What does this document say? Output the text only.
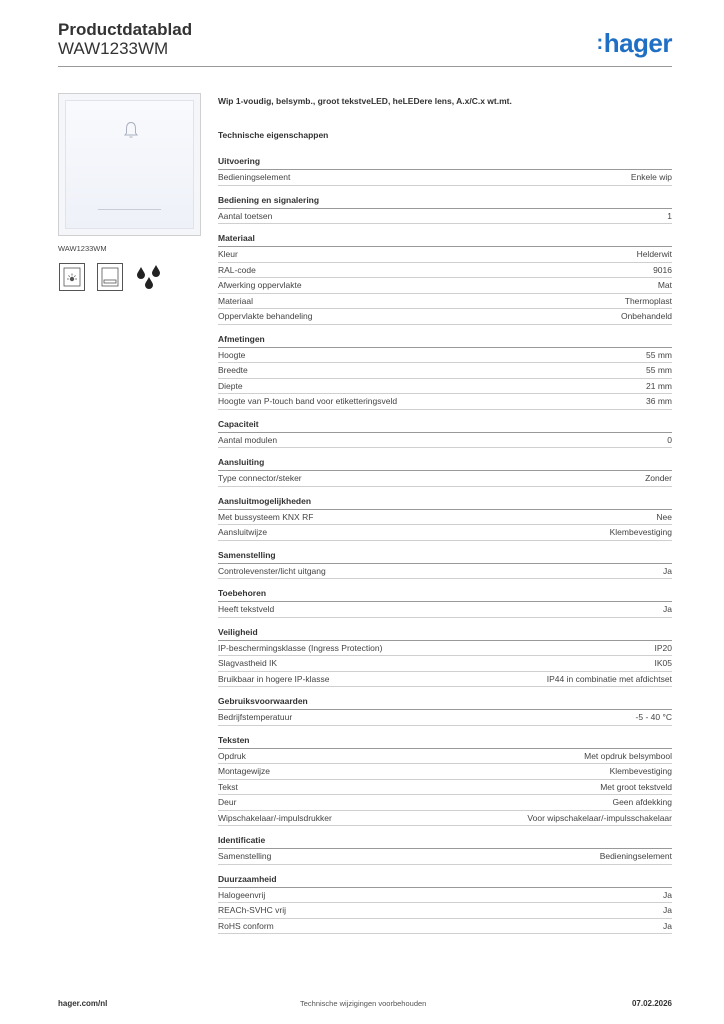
Productdatablad
WAW1233WM	:hager
WAW1233WM
Wip 1-voudig, belsymb., groot tekstveLED, heLEDere lens, A.x/C.x wt.mt.
Technische eigenschappen
Uitvoering
Bedieningselement	Enkele wip
Bediening en signalering
Aantal toetsen	1
Materiaal
Kleur	Helderwit
RAL-code	9016
Afwerking oppervlakte	Mat
Materiaal	Thermoplast
Oppervlakte behandeling	Onbehandeld
Afmetingen
Hoogte	55 mm
Breedte	55 mm
Diepte	21 mm
Hoogte van P-touch band voor etiketteringsveld	36 mm
Capaciteit
Aantal modulen	0
Aansluiting
Type connector/steker	Zonder
Aansluitmogelijkheden
Met bussysteem KNX RF	Nee
Aansluitwijze	Klembevestiging
Samenstelling
Controlevenster/licht uitgang	Ja
Toebehoren
Heeft tekstveld	Ja
Veiligheid
IP-beschermingsklasse (Ingress Protection)	IP20
Slagvastheid IK	IK05
Bruikbaar in hogere IP-klasse	IP44 in combinatie met afdichtset
Gebruiksvoorwaarden
Bedrijfstemperatuur	-5 - 40 °C
Teksten
Opdruk	Met opdruk belsymbool
Montagewijze	Klembevestiging
Tekst	Met groot tekstveld
Deur	Geen afdekking
Wipschakelaar/-impulsdrukker	Voor wipschakelaar/-impulsschakelaar
Identificatie
Samenstelling	Bedieningselement
Duurzaamheid
Halogeenvrij	Ja
REACh-SVHC vrij	Ja
RoHS conform	Ja
hager.com/nl	Technische wijzigingen voorbehouden	07.02.2026
